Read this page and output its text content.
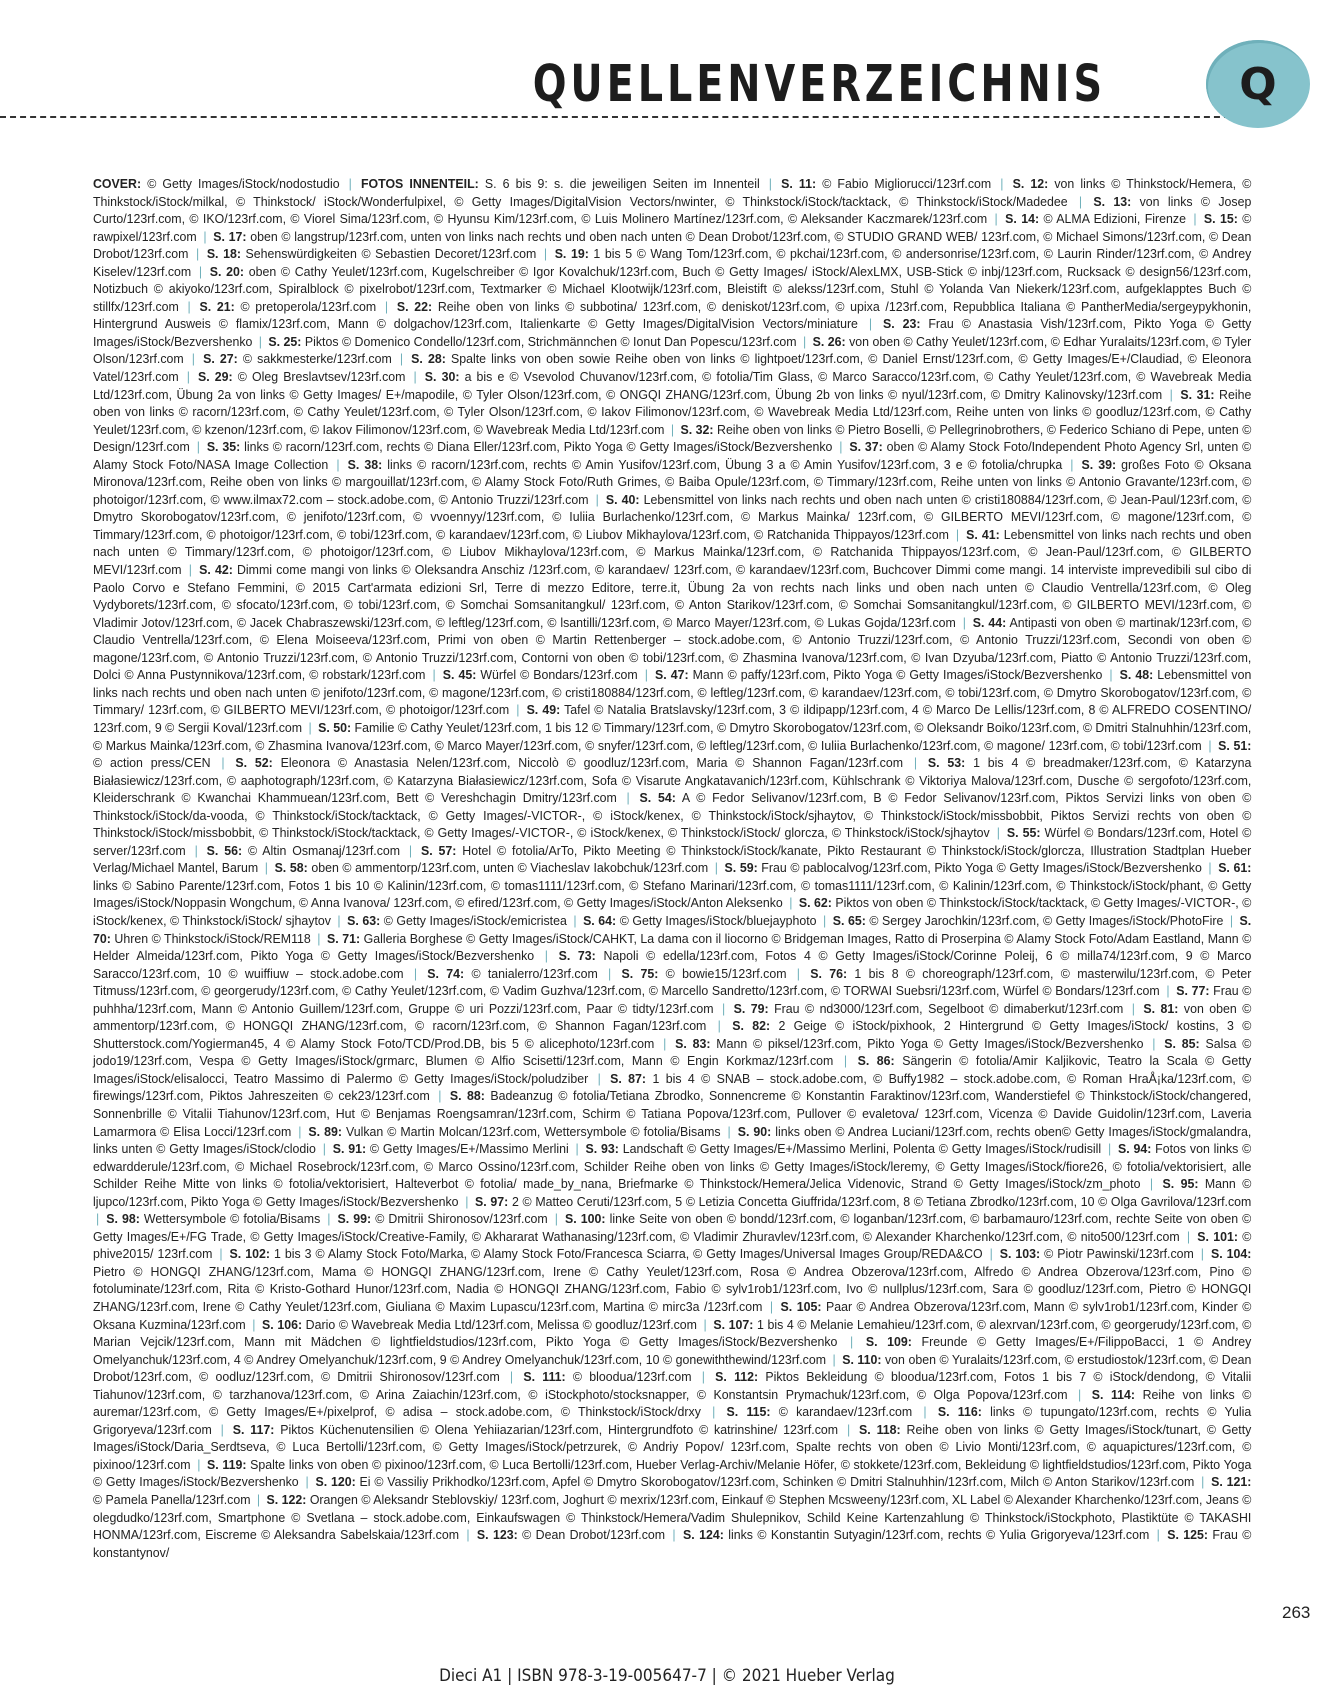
QUELLENVERZEICHNIS	Q
COVER: © Getty Images/iStock/nodostudio | FOTOS INNENTEIL: S. 6 bis 9: s. die jeweiligen Seiten im Innenteil | S. 11: © Fabio Migliorucci/123rf.com | S. 12: von links © Thinkstock/Hemera, © Thinkstock/iStock/milkal, © Thinkstock/ iStock/Wonderfulpixel, © Getty Images/DigitalVision Vectors/nwinter, © Thinkstock/iStock/tacktack, © Thinkstock/iStock/Madedee | S. 13: von links © Josep Curto/123rf.com, © IKO/123rf.com, © Viorel Sima/123rf.com, © Hyunsu Kim/123rf.com, © Luis Molinero Martínez/123rf.com, © Aleksander Kaczmarek/123rf.com | S. 14: © ALMA Edizioni, Firenze | S. 15: © rawpixel/123rf.com | S. 17: oben © langstrup/123rf.com, unten von links nach rechts und oben nach unten © Dean Drobot/123rf.com, © STUDIO GRAND WEB/ 123rf.com, © Michael Simons/123rf.com, © Dean Drobot/123rf.com | S. 18: Sehenswürdigkeiten © Sebastien Decoret/123rf.com | S. 19: 1 bis 5 © Wang Tom/123rf.com, © pkchai/123rf.com, © andersonrise/123rf.com, © Laurin Rinder/123rf.com, © Andrey Kiselev/123rf.com | S. 20: oben © Cathy Yeulet/123rf.com, Kugelschreiber © Igor Kovalchuk/123rf.com, Buch © Getty Images/ iStock/AlexLMX, USB-Stick © inbj/123rf.com, Rucksack © design56/123rf.com, Notizbuch © akiyoko/123rf.com, Spiralblock © pixelrobot/123rf.com, Textmarker © Michael Klootwijk/123rf.com, Bleistift © alekss/123rf.com, Stuhl © Yolanda Van Niekerk/123rf.com, aufgeklapptes Buch © stillfx/123rf.com | S. 21: © pretoperola/123rf.com | S. 22: Reihe oben von links © subbotina/ 123rf.com, © deniskot/123rf.com, © upixa /123rf.com, Repubblica Italiana © PantherMedia/sergeypykhonin, Hintergrund Ausweis © flamix/123rf.com, Mann © dolgachov/123rf.com, Italienkarte © Getty Images/DigitalVision Vectors/miniature | S. 23: Frau © Anastasia Vish/123rf.com, Pikto Yoga © Getty Images/iStock/Bezvershenko | S. 25: Piktos © Domenico Condello/123rf.com, Strichmännchen © Ionut Dan Popescu/123rf.com | S. 26: von oben © Cathy Yeulet/123rf.com, © Edhar Yuralaits/123rf.com, © Tyler Olson/123rf.com | S. 27: © sakkmesterke/123rf.com | S. 28: Spalte links von oben sowie Reihe oben von links © lightpoet/123rf.com, © Daniel Ernst/123rf.com, © Getty Images/E+/Claudiad, © Eleonora Vatel/123rf.com | S. 29: © Oleg Breslavtsev/123rf.com | S. 30: a bis e © Vsevolod Chuvanov/123rf.com, © fotolia/Tim Glass, © Marco Saracco/123rf.com, © Cathy Yeulet/123rf.com, © Wavebreak Media Ltd/123rf.com, Übung 2a von links © Getty Images/ E+/mapodile, © Tyler Olson/123rf.com, © ONGQI ZHANG/123rf.com, Übung 2b von links © nyul/123rf.com, © Dmitry Kalinovsky/123rf.com | S. 31: Reihe oben von links © racorn/123rf.com, © Cathy Yeulet/123rf.com, © Tyler Olson/123rf.com, © Iakov Filimonov/123rf.com, © Wavebreak Media Ltd/123rf.com, Reihe unten von links © goodluz/123rf.com, © Cathy Yeulet/123rf.com, © kzenon/123rf.com, © Iakov Filimonov/123rf.com, © Wavebreak Media Ltd/123rf.com | S. 32: Reihe oben von links © Pietro Boselli, © Pellegrinobrothers, © Federico Schiano di Pepe, unten © Design/123rf.com | S. 35: links © racorn/123rf.com, rechts © Diana Eller/123rf.com, Pikto Yoga © Getty Images/iStock/Bezvershenko | S. 37: oben © Alamy Stock Foto/Independent Photo Agency Srl, unten © Alamy Stock Foto/NASA Image Collection | S. 38: links © racorn/123rf.com, rechts © Amin Yusifov/123rf.com, Übung 3 a © Amin Yusifov/123rf.com, 3 e © fotolia/chrupka | S. 39: großes Foto © Oksana Mironova/123rf.com, Reihe oben von links © margouillat/123rf.com, © Alamy Stock Foto/Ruth Grimes, © Baiba Opule/123rf.com, © Timmary/123rf.com, Reihe unten von links © Antonio Gravante/123rf.com, © photoigor/123rf.com, © www.ilmax72.com – stock.adobe.com, © Antonio Truzzi/123rf.com | S. 40: Lebensmittel von links nach rechts und oben nach unten © cristi180884/123rf.com, © Jean-Paul/123rf.com, © Dmytro Skorobogatov/123rf.com, © jenifoto/123rf.com, © vvoennyy/123rf.com, © Iuliia Burlachenko/123rf.com, © Markus Mainka/ 123rf.com, © GILBERTO MEVI/123rf.com, © magone/123rf.com, © Timmary/123rf.com, © photoigor/123rf.com, © tobi/123rf.com, © karandaev/123rf.com, © Liubov Mikhaylova/123rf.com, © Ratchanida Thippayos/123rf.com | S. 41: Lebensmittel von links nach rechts und oben nach unten © Timmary/123rf.com, © photoigor/123rf.com, © Liubov Mikhaylova/123rf.com, © Markus Mainka/123rf.com, © Ratchanida Thippayos/123rf.com, © Jean-Paul/123rf.com, © GILBERTO MEVI/123rf.com | S. 42: Dimmi come mangi von links © Oleksandra Anschiz /123rf.com, © karandaev/ 123rf.com, © karandaev/123rf.com, Buchcover Dimmi come mangi. 14 interviste imprevedibili sul cibo di Paolo Corvo e Stefano Femmini, © 2015 Cart'armata edizioni Srl, Terre di mezzo Editore, terre.it, Übung 2a von rechts nach links und oben nach unten © Claudio Ventrella/123rf.com, © Oleg Vydyborets/123rf.com, © sfocato/123rf.com, © tobi/123rf.com, © Somchai Somsanitangkul/ 123rf.com, © Anton Starikov/123rf.com, © Somchai Somsanitangkul/123rf.com, © GILBERTO MEVI/123rf.com, © Vladimir Jotov/123rf.com, © Jacek Chabraszewski/123rf.com, © leftleg/123rf.com, © lsantilli/123rf.com, © Marco Mayer/123rf.com, © Lukas Gojda/123rf.com | S. 44: Antipasti von oben © martinak/123rf.com, © Claudio Ventrella/123rf.com, © Elena Moiseeva/123rf.com, Primi von oben © Martin Rettenberger – stock.adobe.com, © Antonio Truzzi/123rf.com, © Antonio Truzzi/123rf.com, Secondi von oben © magone/123rf.com, © Antonio Truzzi/123rf.com, © Antonio Truzzi/123rf.com, Contorni von oben © tobi/123rf.com, © Zhasmina Ivanova/123rf.com, © Ivan Dzyuba/123rf.com, Piatto © Antonio Truzzi/123rf.com, Dolci © Anna Pustynnikova/123rf.com, © robstark/123rf.com | S. 45: Würfel © Bondars/123rf.com | S. 47: Mann © paffy/123rf.com, Pikto Yoga © Getty Images/iStock/Bezvershenko | S. 48: Lebensmittel von links nach rechts und oben nach unten © jenifoto/123rf.com, © magone/123rf.com, © cristi180884/123rf.com, © leftleg/123rf.com, © karandaev/123rf.com, © tobi/123rf.com, © Dmytro Skorobogatov/123rf.com, © Timmary/ 123rf.com, © GILBERTO MEVI/123rf.com, © photoigor/123rf.com | S. 49: Tafel © Natalia Bratslavsky/123rf.com, 3 © ildipapp/123rf.com, 4 © Marco De Lellis/123rf.com, 8 © ALFREDO COSENTINO/ 123rf.com, 9 © Sergii Koval/123rf.com | S. 50: Familie © Cathy Yeulet/123rf.com, 1 bis 12 © Timmary/123rf.com, © Dmytro Skorobogatov/123rf.com, © Oleksandr Boiko/123rf.com, © Dmitri Stalnuhhin/123rf.com, © Markus Mainka/123rf.com, © Zhasmina Ivanova/123rf.com, © Marco Mayer/123rf.com, © snyfer/123rf.com, © leftleg/123rf.com, © Iuliia Burlachenko/123rf.com, © magone/ 123rf.com, © tobi/123rf.com | S. 51: © action press/CEN | S. 52: Eleonora © Anastasia Nelen/123rf.com, Niccolò © goodluz/123rf.com, Maria © Shannon Fagan/123rf.com | S. 53: 1 bis 4 © breadmaker/123rf.com, © Katarzyna Białasiewicz/123rf.com, © aaphotograph/123rf.com, © Katarzyna Białasiewicz/123rf.com, Sofa © Visarute Angkatavanich/123rf.com, Kühlschrank © Viktoriya Malova/123rf.com, Dusche © sergofoto/123rf.com, Kleiderschrank © Kwanchai Khammuean/123rf.com, Bett © Vereshchagin Dmitry/123rf.com | S. 54: A © Fedor Selivanov/123rf.com, B © Fedor Selivanov/123rf.com, Piktos Servizi links von oben © Thinkstock/iStock/da-vooda, © Thinkstock/iStock/tacktack, © Getty Images/-VICTOR-, © iStock/kenex, © Thinkstock/iStock/sjhaytov, © Thinkstock/iStock/missbobbit, Piktos Servizi rechts von oben © Thinkstock/iStock/missbobbit, © Thinkstock/iStock/tacktack, © Getty Images/-VICTOR-, © iStock/kenex, © Thinkstock/iStock/ glorcza, © Thinkstock/iStock/sjhaytov | S. 55: Würfel © Bondars/123rf.com, Hotel © server/123rf.com | S. 56: © Altin Osmanaj/123rf.com | S. 57: Hotel © fotolia/ArTo, Pikto Meeting © Thinkstock/iStock/kanate, Pikto Restaurant © Thinkstock/iStock/glorcza, Illustration Stadtplan Hueber Verlag/Michael Mantel, Barum | S. 58: oben © ammentorp/123rf.com, unten © Viacheslav Iakobchuk/123rf.com | S. 59: Frau © pablocalvog/123rf.com, Pikto Yoga © Getty Images/iStock/Bezvershenko | S. 61: links © Sabino Parente/123rf.com, Fotos 1 bis 10 © Kalinin/123rf.com, © tomas1111/123rf.com, © Stefano Marinari/123rf.com, © tomas1111/123rf.com, © Kalinin/123rf.com, © Thinkstock/iStock/phant, © Getty Images/iStock/Noppasin Wongchum, © Anna Ivanova/ 123rf.com, © efired/123rf.com, © Getty Images/iStock/Anton Aleksenko | S. 62: Piktos von oben © Thinkstock/iStock/tacktack, © Getty Images/-VICTOR-, © iStock/kenex, © Thinkstock/iStock/ sjhaytov | S. 63: © Getty Images/iStock/emicristea | S. 64: © Getty Images/iStock/bluejayphoto | S. 65: © Sergey Jarochkin/123rf.com, © Getty Images/iStock/PhotoFire | S. 70: Uhren © Thinkstock/iStock/REM118 | S. 71: Galleria Borghese © Getty Images/iStock/CAHKT, La dama con il liocorno © Bridgeman Images, Ratto di Proserpina © Alamy Stock Foto/Adam Eastland, Mann © Helder Almeida/123rf.com, Pikto Yoga © Getty Images/iStock/Bezvershenko | S. 73: Napoli © edella/123rf.com, Fotos 4 © Getty Images/iStock/Corinne Poleij, 6 © milla74/123rf.com, 9 © Marco Saracco/123rf.com, 10 © wuiffiuw – stock.adobe.com | S. 74: © tanialerro/123rf.com | S. 75: © bowie15/123rf.com | S. 76: 1 bis 8 © choreograph/123rf.com, © masterwilu/123rf.com, © Peter Titmuss/123rf.com, © georgerudy/123rf.com, © Cathy Yeulet/123rf.com, © Vadim Guzhva/123rf.com, © Marcello Sandretto/123rf.com, © TORWAI Suebsri/123rf.com, Würfel © Bondars/123rf.com | S. 77: Frau © puhhha/123rf.com, Mann © Antonio Guillem/123rf.com, Gruppe © uri Pozzi/123rf.com, Paar © tidty/123rf.com | S. 79: Frau © nd3000/123rf.com, Segelboot © dimaberkut/123rf.com | S. 81: von oben © ammentorp/123rf.com, © HONGQI ZHANG/123rf.com, © racorn/123rf.com, © Shannon Fagan/123rf.com | S. 82: 2 Geige © iStock/pixhook, 2 Hintergrund © Getty Images/iStock/ kostins, 3 © Shutterstock.com/Yogierman45, 4 © Alamy Stock Foto/TCD/Prod.DB, bis 5 © alicephoto/123rf.com | S. 83: Mann © piksel/123rf.com, Pikto Yoga © Getty Images/iStock/Bezvershenko | S. 85: Salsa © jodo19/123rf.com, Vespa © Getty Images/iStock/grmarc, Blumen © Alfio Scisetti/123rf.com, Mann © Engin Korkmaz/123rf.com | S. 86: Sängerin © fotolia/Amir Kaljikovic, Teatro la Scala © Getty Images/iStock/elisalocci, Teatro Massimo di Palermo © Getty Images/iStock/poludziber | S. 87: 1 bis 4 © SNAB – stock.adobe.com, © Buffy1982 – stock.adobe.com, © Roman HraÅ¡ka/123rf.com, © firewings/123rf.com, Piktos Jahreszeiten © cek23/123rf.com | S. 88: Badeanzug © fotolia/Tetiana Zbrodko, Sonnencreme © Konstantin Faraktinov/123rf.com, Wanderstiefel © Thinkstock/iStock/changered, Sonnenbrille © Vitalii Tiahunov/123rf.com, Hut © Benjamas Roengsamran/123rf.com, Schirm © Tatiana Popova/123rf.com, Pullover © evaletova/ 123rf.com, Vicenza © Davide Guidolin/123rf.com, Laveria Lamarmora © Elisa Locci/123rf.com | S. 89: Vulkan © Martin Molcan/123rf.com, Wettersymbole © fotolia/Bisams | S. 90: links oben © Andrea Luciani/123rf.com, rechts oben© Getty Images/iStock/gmalandra, links unten © Getty Images/iStock/clodio | S. 91: © Getty Images/E+/Massimo Merlini | S. 93: Landschaft © Getty Images/E+/Massimo Merlini, Polenta © Getty Images/iStock/rudisill | S. 94: Fotos von links © edwardderule/123rf.com, © Michael Rosebrock/123rf.com, © Marco Ossino/123rf.com, Schilder Reihe oben von links © Getty Images/iStock/leremy, © Getty Images/iStock/fiore26, © fotolia/vektorisiert, alle Schilder Reihe Mitte von links © fotolia/vektorisiert, Halteverbot © fotolia/ made_by_nana, Briefmarke © Thinkstock/Hemera/Jelica Videnovic, Strand © Getty Images/iStock/zm_photo | S. 95: Mann © ljupco/123rf.com, Pikto Yoga © Getty Images/iStock/Bezvershenko | S. 97: 2 © Matteo Ceruti/123rf.com, 5 © Letizia Concetta Giuffrida/123rf.com, 8 © Tetiana Zbrodko/123rf.com, 10 © Olga Gavrilova/123rf.com | S. 98: Wettersymbole © fotolia/Bisams | S. 99: © Dmitrii Shironosov/123rf.com | S. 100: linke Seite von oben © bondd/123rf.com, © loganban/123rf.com, © barbamauro/123rf.com, rechte Seite von oben © Getty Images/E+/FG Trade, © Getty Images/iStock/Creative-Family, © Akhararat Wathanasing/123rf.com, © Vladimir Zhuravlev/123rf.com, © Alexander Kharchenko/123rf.com, © nito500/123rf.com | S. 101: © phive2015/ 123rf.com | S. 102: 1 bis 3 © Alamy Stock Foto/Marka, © Alamy Stock Foto/Francesca Sciarra, © Getty Images/Universal Images Group/REDA&CO | S. 103: © Piotr Pawinski/123rf.com | S. 104: Pietro © HONGQI ZHANG/123rf.com, Mama © HONGQI ZHANG/123rf.com, Irene © Cathy Yeulet/123rf.com, Rosa © Andrea Obzerova/123rf.com, Alfredo © Andrea Obzerova/123rf.com, Pino © fotoluminate/123rf.com, Rita © Kristo-Gothard Hunor/123rf.com, Nadia © HONGQI ZHANG/123rf.com, Fabio © sylv1rob1/123rf.com, Ivo © nullplus/123rf.com, Sara © goodluz/123rf.com, Pietro © HONGQI ZHANG/123rf.com, Irene © Cathy Yeulet/123rf.com, Giuliana © Maxim Lupascu/123rf.com, Martina © mirc3a /123rf.com | S. 105: Paar © Andrea Obzerova/123rf.com, Mann © sylv1rob1/123rf.com, Kinder © Oksana Kuzmina/123rf.com | S. 106: Dario © Wavebreak Media Ltd/123rf.com, Melissa © goodluz/123rf.com | S. 107: 1 bis 4 © Melanie Lemahieu/123rf.com, © alexrvan/123rf.com, © georgerudy/123rf.com, © Marian Vejcik/123rf.com, Mann mit Mädchen © lightfieldstudios/123rf.com, Pikto Yoga © Getty Images/iStock/Bezvershenko | S. 109: Freunde © Getty Images/E+/FilippoBacci, 1 © Andrey Omelyanchuk/123rf.com, 4 © Andrey Omelyanchuk/123rf.com, 9 © Andrey Omelyanchuk/123rf.com, 10 © gonewiththewind/123rf.com | S. 110: von oben © Yuralaits/123rf.com, © erstudiostok/123rf.com, © Dean Drobot/123rf.com, © oodluz/123rf.com, © Dmitrii Shironosov/123rf.com | S. 111: © bloodua/123rf.com | S. 112: Piktos Bekleidung © bloodua/123rf.com, Fotos 1 bis 7 © iStock/dendong, © Vitalii Tiahunov/123rf.com, © tarzhanova/123rf.com, © Arina Zaiachin/123rf.com, © iStockphoto/stocksnapper, © Konstantsin Prymachuk/123rf.com, © Olga Popova/123rf.com | S. 114: Reihe von links © auremar/123rf.com, © Getty Images/E+/pixelprof, © adisa – stock.adobe.com, © Thinkstock/iStock/drxy | S. 115: © karandaev/123rf.com | S. 116: links © tupungato/123rf.com, rechts © Yulia Grigoryeva/123rf.com | S. 117: Piktos Küchenutensilien © Olena Yehiiazarian/123rf.com, Hintergrundfoto © katrinshine/ 123rf.com | S. 118: Reihe oben von links © Getty Images/iStock/tunart, © Getty Images/iStock/Daria_Serdtseva, © Luca Bertolli/123rf.com, © Getty Images/iStock/petrzurek, © Andriy Popov/ 123rf.com, Spalte rechts von oben © Livio Monti/123rf.com, © aquapictures/123rf.com, © pixinoo/123rf.com | S. 119: Spalte links von oben © pixinoo/123rf.com, © Luca Bertolli/123rf.com, Hueber Verlag-Archiv/Melanie Höfer, © stokkete/123rf.com, Bekleidung © lightfieldstudios/123rf.com, Pikto Yoga © Getty Images/iStock/Bezvershenko | S. 120: Ei © Vassiliy Prikhodko/123rf.com, Apfel © Dmytro Skorobogatov/123rf.com, Schinken © Dmitri Stalnuhhin/123rf.com, Milch © Anton Starikov/123rf.com | S. 121: © Pamela Panella/123rf.com | S. 122: Orangen © Aleksandr Steblovskiy/ 123rf.com, Joghurt © mexrix/123rf.com, Einkauf © Stephen Mcsweeny/123rf.com, XL Label © Alexander Kharchenko/123rf.com, Jeans © olegdudko/123rf.com, Smartphone © Svetlana – stock.adobe.com, Einkaufswagen © Thinkstock/Hemera/Vadim Shulepnikov, Schild Keine Kartenzahlung © Thinkstock/iStockphoto, Plastiktüte © TAKASHI HONMA/123rf.com, Eiscreme © Aleksandra Sabelskaia/123rf.com | S. 123: © Dean Drobot/123rf.com | S. 124: links © Konstantin Sutyagin/123rf.com, rechts © Yulia Grigoryeva/123rf.com | S. 125: Frau © konstantynov/
263
Dieci A1 | ISBN 978-3-19-005647-7 | © 2021 Hueber Verlag
